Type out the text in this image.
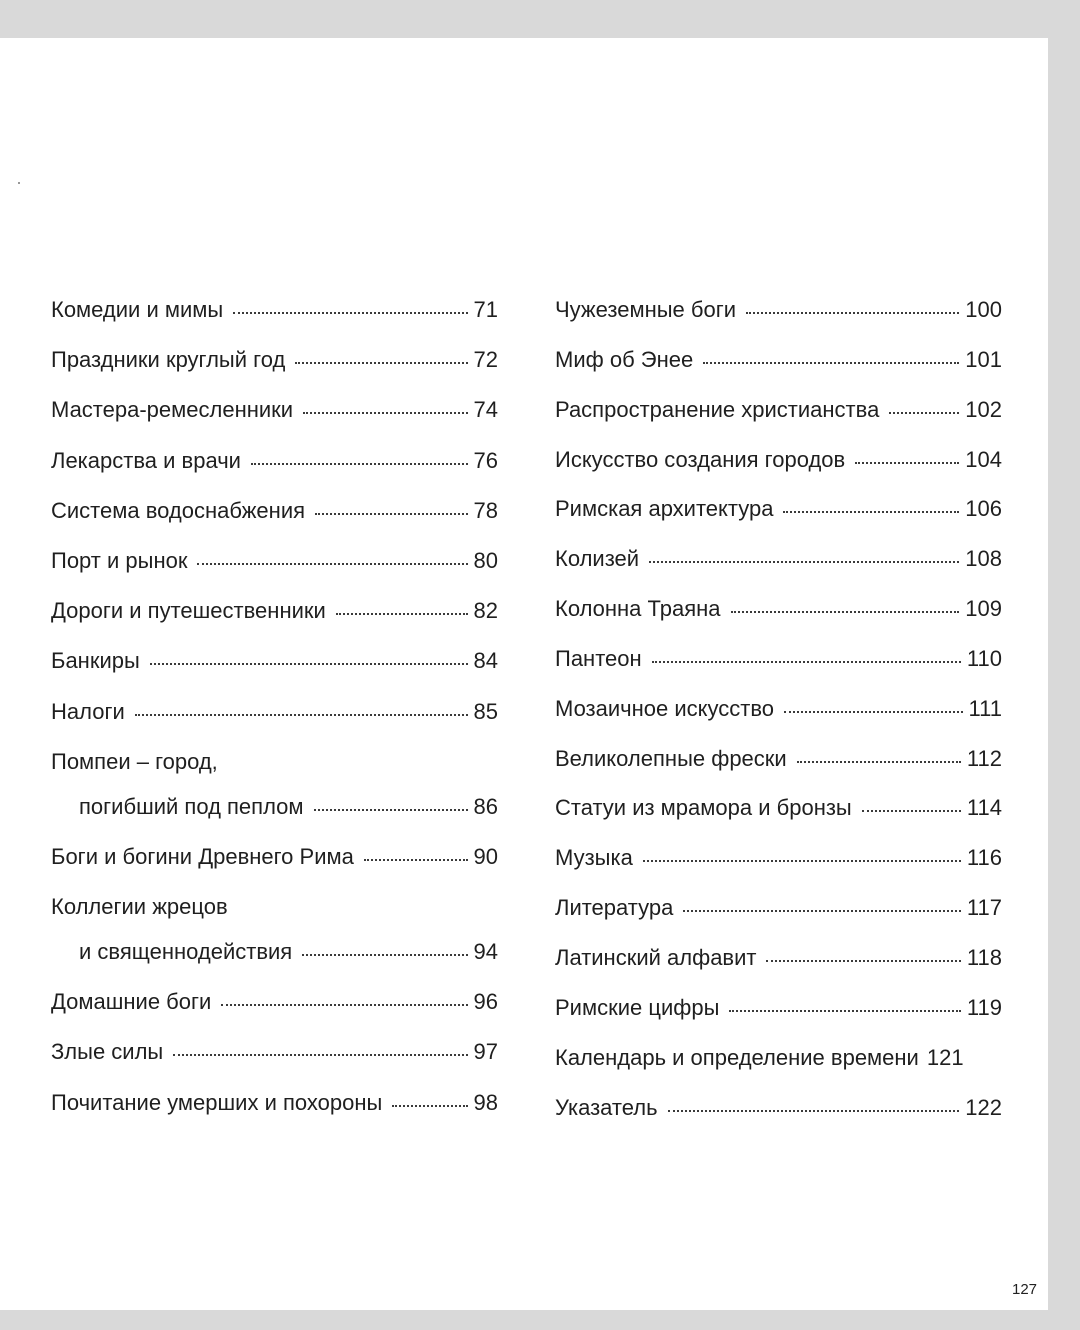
Комедии и мимы	71
Праздники круглый год	72
Мастера-ремесленники	74
Лекарства и врачи	76
Система водоснабжения	78
Порт и рынок	80
Дороги и путешественники	82
Банкиры	84
Налоги	85
Помпеи – город,
погибший под пеплом	86
Боги и богини Древнего Рима	90
Коллегии жрецов
и священнодействия	94
Домашние боги	96
Злые силы	97
Почитание умерших и похороны	98
Чужеземные боги	100
Миф об Энее	101
Распространение христианства	102
Искусство создания городов	104
Римская архитектура	106
Колизей	108
Колонна Траяна	109
Пантеон	110
Мозаичное искусство	111
Великолепные фрески	112
Статуи из мрамора и бронзы	114
Музыка	116
Литература	117
Латинский алфавит	118
Римские цифры	119
Календарь и определение времени 121
Указатель	122
127
